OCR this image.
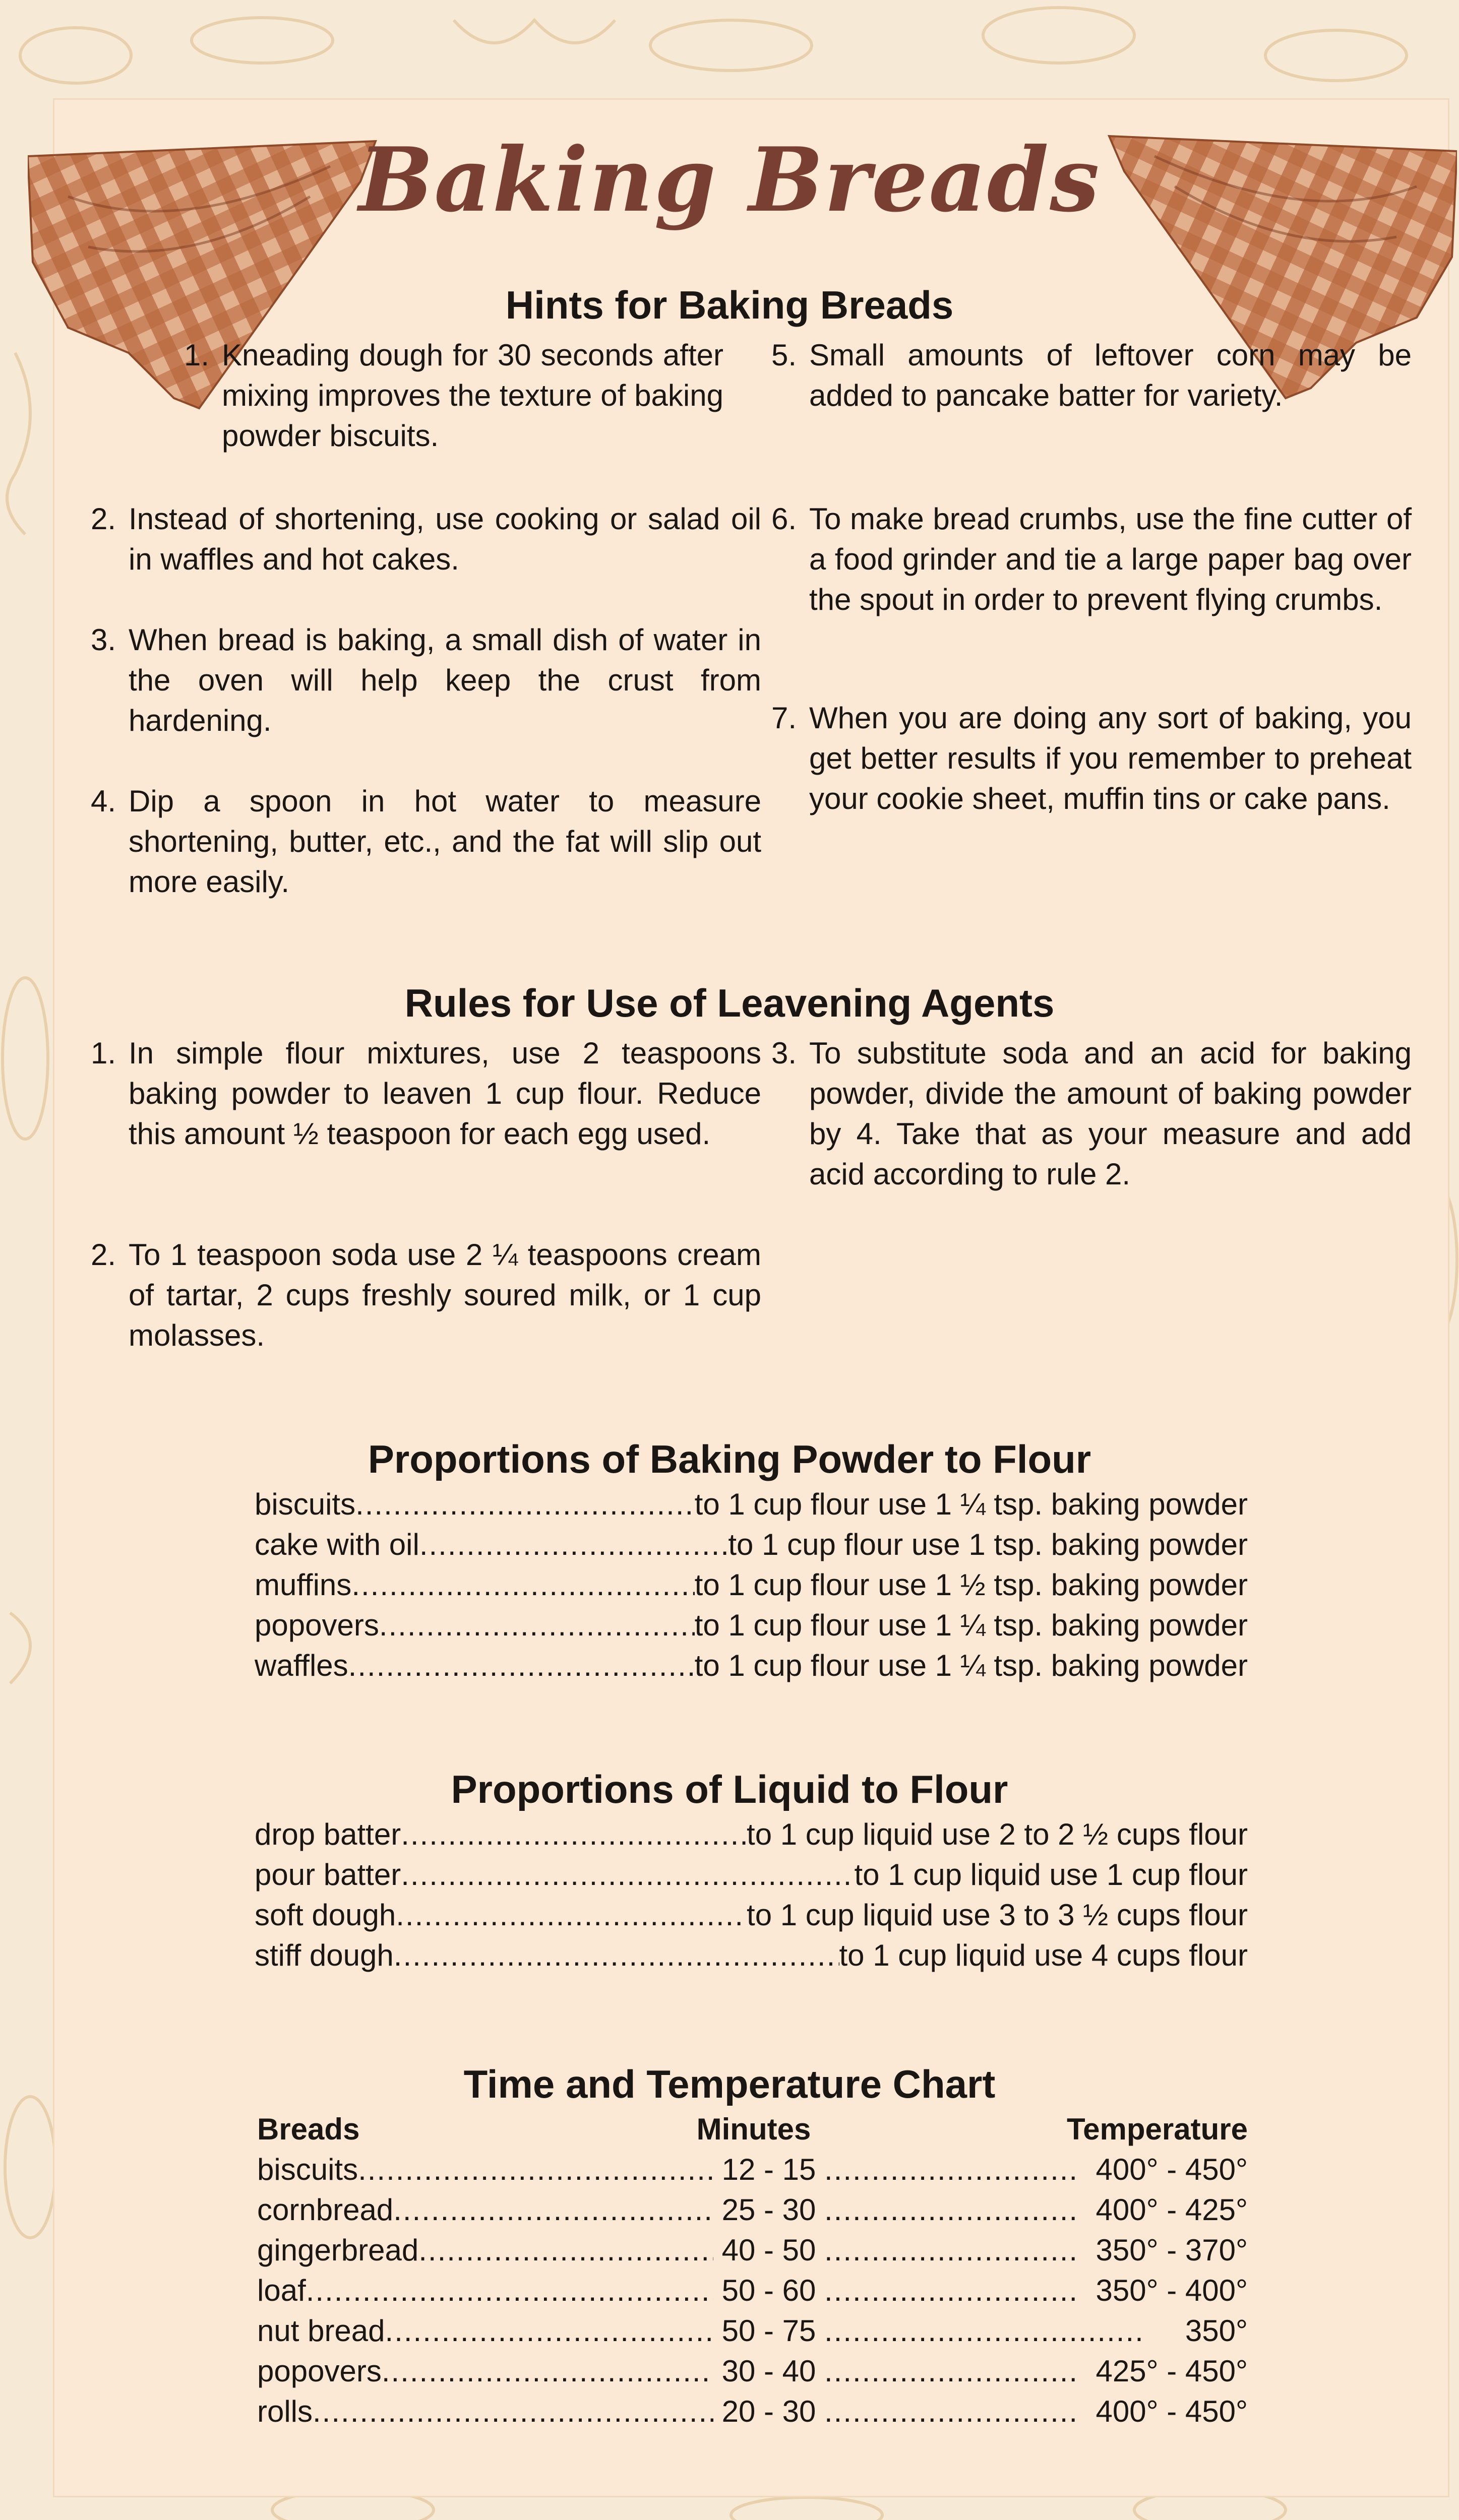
Baking Breads
Hints for Baking Breads
1. Kneading dough for 30 seconds after mixing improves the texture of baking powder biscuits.
2. Instead of shortening, use cooking or salad oil in waffles and hot cakes.
3. When bread is baking, a small dish of water in the oven will help keep the crust from hardening.
4. Dip a spoon in hot water to measure shortening, butter, etc., and the fat will slip out more easily.
5. Small amounts of leftover corn may be added to pancake batter for variety.
6. To make bread crumbs, use the fine cutter of a food grinder and tie a large paper bag over the spout in order to prevent flying crumbs.
7. When you are doing any sort of baking, you get better results if you remember to preheat your cookie sheet, muffin tins or cake pans.
Rules for Use of Leavening Agents
1. In simple flour mixtures, use 2 teaspoons baking powder to leaven 1 cup flour. Reduce this amount ½ teaspoon for each egg used.
2. To 1 teaspoon soda use 2 ¼ teaspoons cream of tartar, 2 cups freshly soured milk, or 1 cup molasses.
3. To substitute soda and an acid for baking powder, divide the amount of baking powder by 4. Take that as your measure and add acid according to rule 2.
Proportions of Baking Powder to Flour
biscuits .....	to 1 cup flour use 1 ¼ tsp. baking powder
cake with oil .....	to 1 cup flour use 1 tsp. baking powder
muffins .....	to 1 cup flour use 1 ½ tsp. baking powder
popovers .....	to 1 cup flour use 1 ¼ tsp. baking powder
waffles .....	to 1 cup flour use 1 ¼ tsp. baking powder
Proportions of Liquid to Flour
drop batter .....	to 1 cup liquid use 2 to 2 ½ cups flour
pour batter .....	to 1 cup liquid use 1 cup flour
soft dough .....	to 1 cup liquid use 3 to 3 ½ cups flour
stiff dough .....	to 1 cup liquid use 4 cups flour
Time and Temperature Chart
Breads	Minutes	Temperature
biscuits .....	12 - 15 .....	400° - 450°
cornbread .....	25 - 30 .....	400° - 425°
gingerbread .....	40 - 50 .....	350° - 370°
loaf .....	50 - 60 .....	350° - 400°
nut bread .....	50 - 75 .....	350°
popovers .....	30 - 40 .....	425° - 450°
rolls .....	20 - 30 .....	400° - 450°
